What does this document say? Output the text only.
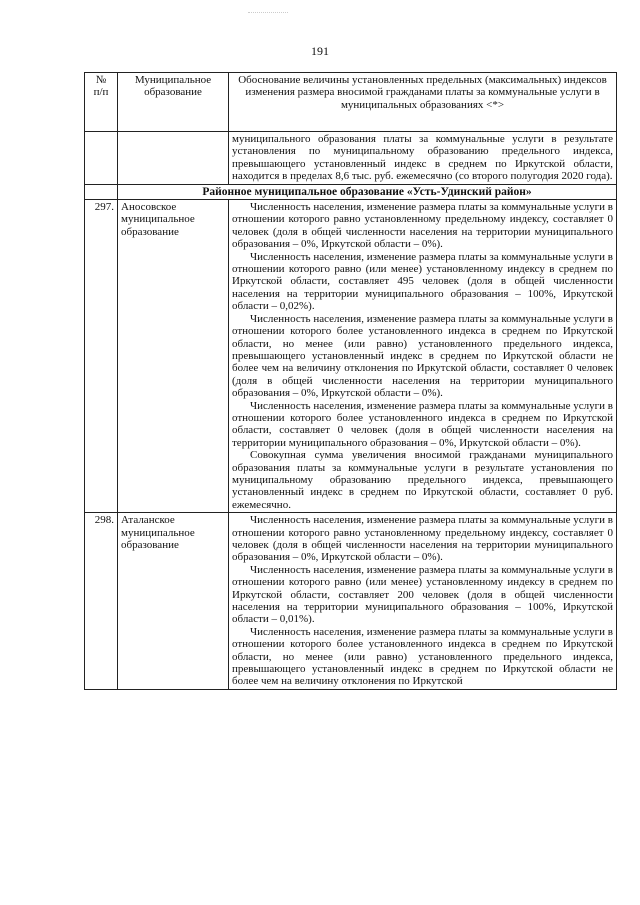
191
№
п/п	Муниципальное образование	Обоснование величины установленных предельных (максимальных) индексов изменения размера вносимой гражданами платы за коммунальные услуги в муниципальных образованиях <*>

		муниципального образования платы за коммунальные услуги в результате установления по муниципальному образованию предельного индекса, превышающего установленный индекс в среднем по Иркутской области, находится в пределах 8,6 тыс. руб. ежемесячно (со второго полугодия 2020 года).

	Районное муниципальное образование «Усть-Удинский район»	
297.	Аносовское муниципальное образование	Численность населения, изменение размера платы за коммунальные услуги в отношении которого равно установленному предельному индексу, составляет 0 человек (доля в общей численности населения на территории муниципального образования – 0%, Иркутской области – 0%).

Численность населения, изменение размера платы за коммунальные услуги в отношении которого равно (или менее) установленному индексу в среднем по Иркутской области, составляет 495 человек (доля в общей численности населения на территории муниципального образования – 100%, Иркутской области – 0,02%).

Численность населения, изменение размера платы за коммунальные услуги в отношении которого более установленного индекса в среднем по Иркутской области, но менее (или равно) установленного предельного индекса, превышающего установленный индекс в среднем по Иркутской области не более чем на величину отклонения по Иркутской области, составляет 0 человек (доля в общей численности населения на территории муниципального образования – 0%, Иркутской области – 0%).

Численность населения, изменение размера платы за коммунальные услуги в отношении которого более установленного индекса в среднем по Иркутской области, составляет 0 человек (доля в общей численности населения на территории муниципального образования – 0%, Иркутской области – 0%).

Совокупная сумма увеличения вносимой гражданами муниципального образования платы за коммунальные услуги в результате установления по муниципальному образованию предельного индекса, превышающего установленный индекс в среднем по Иркутской области, составляет 0 руб. ежемесячно.

298.	Аталанское муниципальное образование	Численность населения, изменение размера платы за коммунальные услуги в отношении которого равно установленному предельному индексу, составляет 0 человек (доля в общей численности населения на территории муниципального образования – 0%, Иркутской области – 0%).

Численность населения, изменение размера платы за коммунальные услуги в отношении которого равно (или менее) установленному индексу в среднем по Иркутской области, составляет 200 человек (доля в общей численности населения на территории муниципального образования – 100%, Иркутской области – 0,01%).

Численность населения, изменение размера платы за коммунальные услуги в отношении которого более установленного индекса в среднем по Иркутской области, но менее (или равно) установленного предельного индекса, превышающего установленный индекс в среднем по Иркутской области не более чем на величину отклонения по Иркутской
